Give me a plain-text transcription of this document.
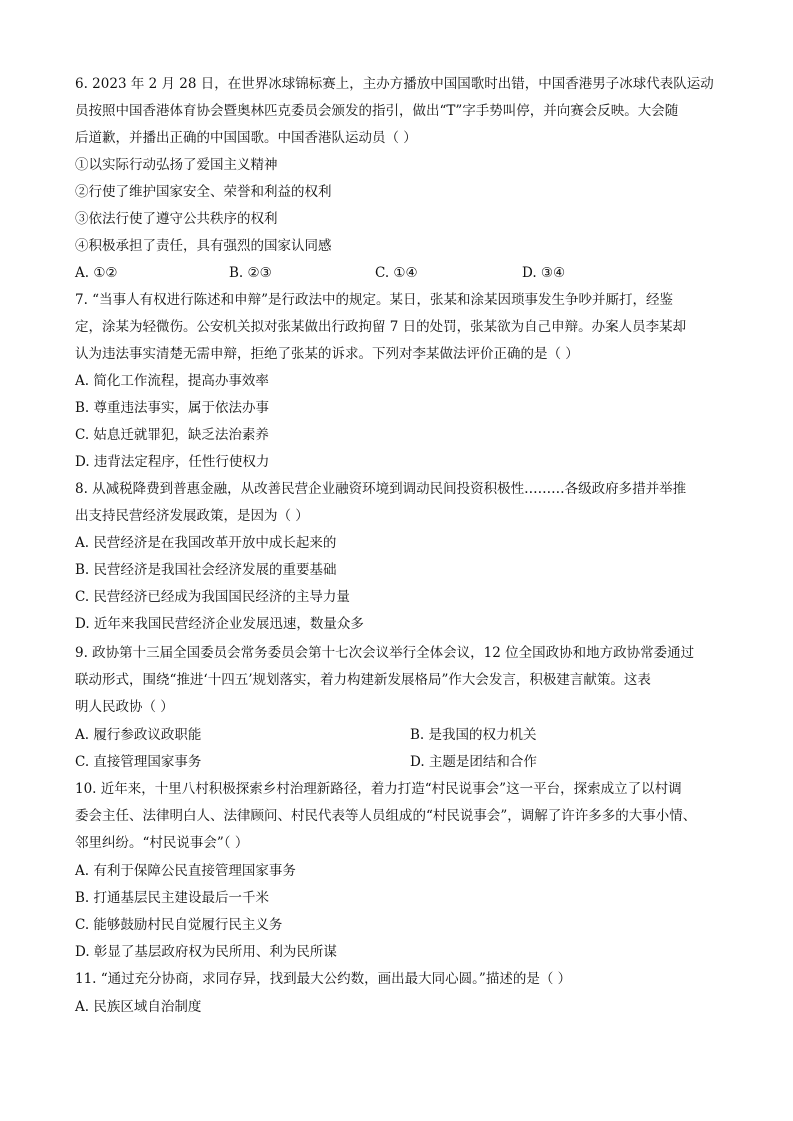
6. 2023 年 2 月 28 日，在世界冰球锦标赛上，主办方播放中国国歌时出错，中国香港男子冰球代表队运动
员按照中国香港体育协会暨奥林匹克委员会颁发的指引，做出“T”字手势叫停，并向赛会反映。大会随
后道歉，并播出正确的中国国歌。中国香港队运动员（ ）
①以实际行动弘扬了爱国主义精神
②行使了维护国家安全、荣誉和利益的权利
③依法行使了遵守公共秩序的权利
④积极承担了责任，具有强烈的国家认同感
A. ①②	B. ②③	C. ①④	D. ③④
7. “当事人有权进行陈述和申辩”是行政法中的规定。某日，张某和涂某因琐事发生争吵并厮打，经鉴
定，涂某为轻微伤。公安机关拟对张某做出行政拘留 7 日的处罚，张某欲为自己申辩。办案人员李某却
认为违法事实清楚无需申辩，拒绝了张某的诉求。下列对李某做法评价正确的是（ ）
A. 简化工作流程，提高办事效率
B. 尊重违法事实，属于依法办事
C. 姑息迁就罪犯，缺乏法治素养
D. 违背法定程序，任性行使权力
8. 从减税降费到普惠金融，从改善民营企业融资环境到调动民间投资积极性………各级政府多措并举推
出支持民营经济发展政策，是因为（ ）
A. 民营经济是在我国改革开放中成长起来的
B. 民营经济是我国社会经济发展的重要基础
C. 民营经济已经成为我国国民经济的主导力量
D. 近年来我国民营经济企业发展迅速，数量众多
9. 政协第十三届全国委员会常务委员会第十七次会议举行全体会议，12 位全国政协和地方政协常委通过
联动形式，围绕“推进‘十四五’规划落实，着力构建新发展格局”作大会发言，积极建言献策。这表
明人民政协（ ）
A. 履行参政议政职能	B. 是我国的权力机关
C. 直接管理国家事务	D. 主题是团结和合作
10. 近年来，十里八村积极探索乡村治理新路径，着力打造“村民说事会”这一平台，探索成立了以村调
委会主任、法律明白人、法律顾问、村民代表等人员组成的“村民说事会”，调解了许许多多的大事小情、
邻里纠纷。“村民说事会”（ ）
A. 有利于保障公民直接管理国家事务
B. 打通基层民主建设最后一千米
C. 能够鼓励村民自觉履行民主义务
D. 彰显了基层政府权为民所用、利为民所谋
11. “通过充分协商，求同存异，找到最大公约数，画出最大同心圆。”描述的是（ ）
A. 民族区域自治制度
